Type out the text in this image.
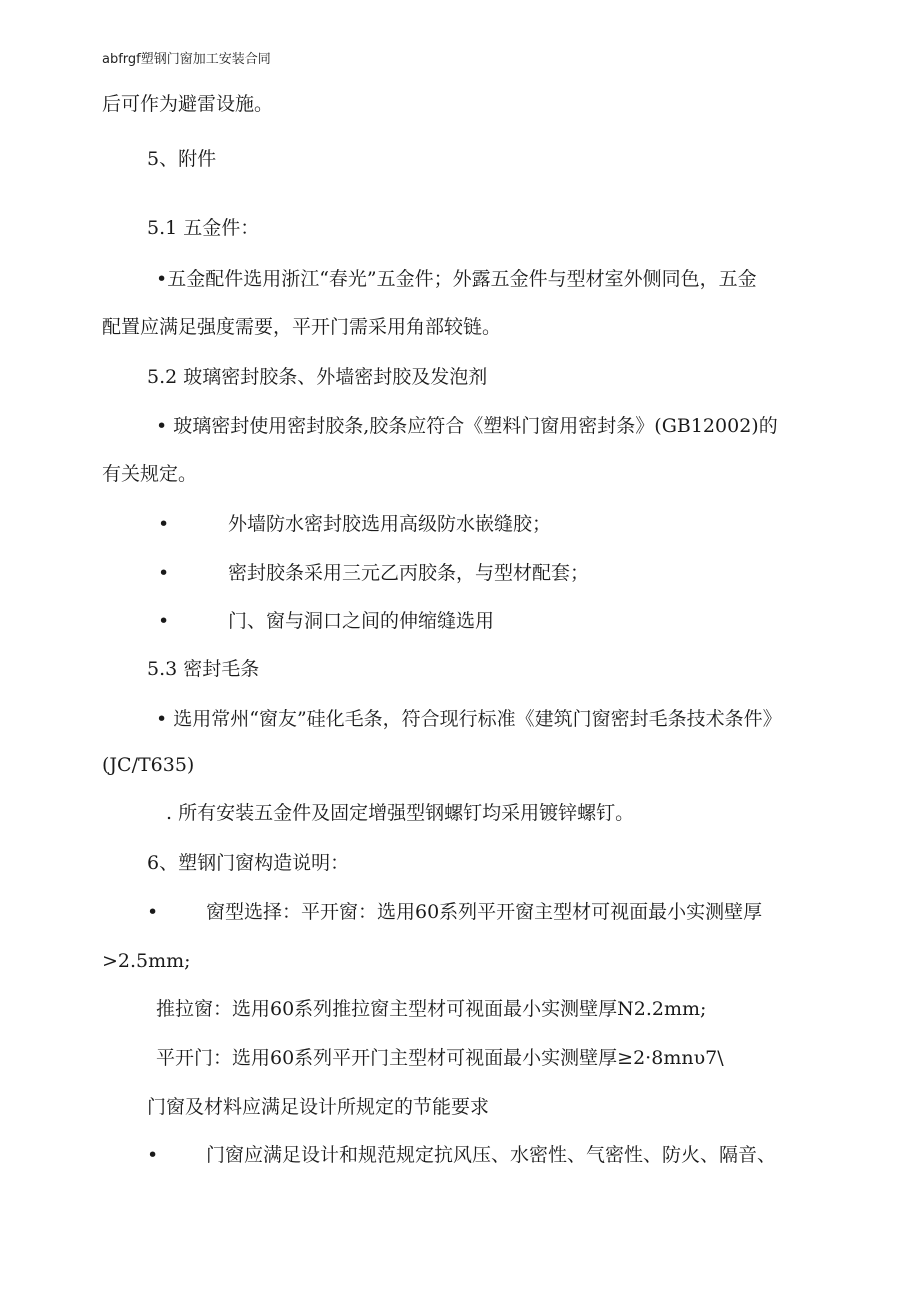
abfrgf塑钢门窗加工安装合同
后可作为避雷设施。
5、附件
5.1 五金件：
•五金配件选用浙江“春光”五金件；外露五金件与型材室外侧同色，五金
配置应满足强度需要，平开门需采用角部较链。
5.2 玻璃密封胶条、外墙密封胶及发泡剂
• 玻璃密封使用密封胶条,胶条应符合《塑料门窗用密封条》(GB12002)的
有关规定。
•	外墙防水密封胶选用高级防水嵌缝胶；
•	密封胶条采用三元乙丙胶条，与型材配套；
•	门、窗与洞口之间的伸缩缝选用
5.3 密封毛条
• 选用常州“窗友”硅化毛条，符合现行标准《建筑门窗密封毛条技术条件》
(JC/T635)
. 所有安装五金件及固定增强型钢螺钉均采用镀锌螺钉。
6、塑钢门窗构造说明：
•	窗型选择：平开窗：选用60系列平开窗主型材可视面最小实测壁厚
>2.5mm;
推拉窗：选用60系列推拉窗主型材可视面最小实测壁厚N2.2mm;
平开门：选用60系列平开门主型材可视面最小实测壁厚≥2·8mnυ7\
门窗及材料应满足设计所规定的节能要求
•	门窗应满足设计和规范规定抗风压、水密性、气密性、防火、隔音、
